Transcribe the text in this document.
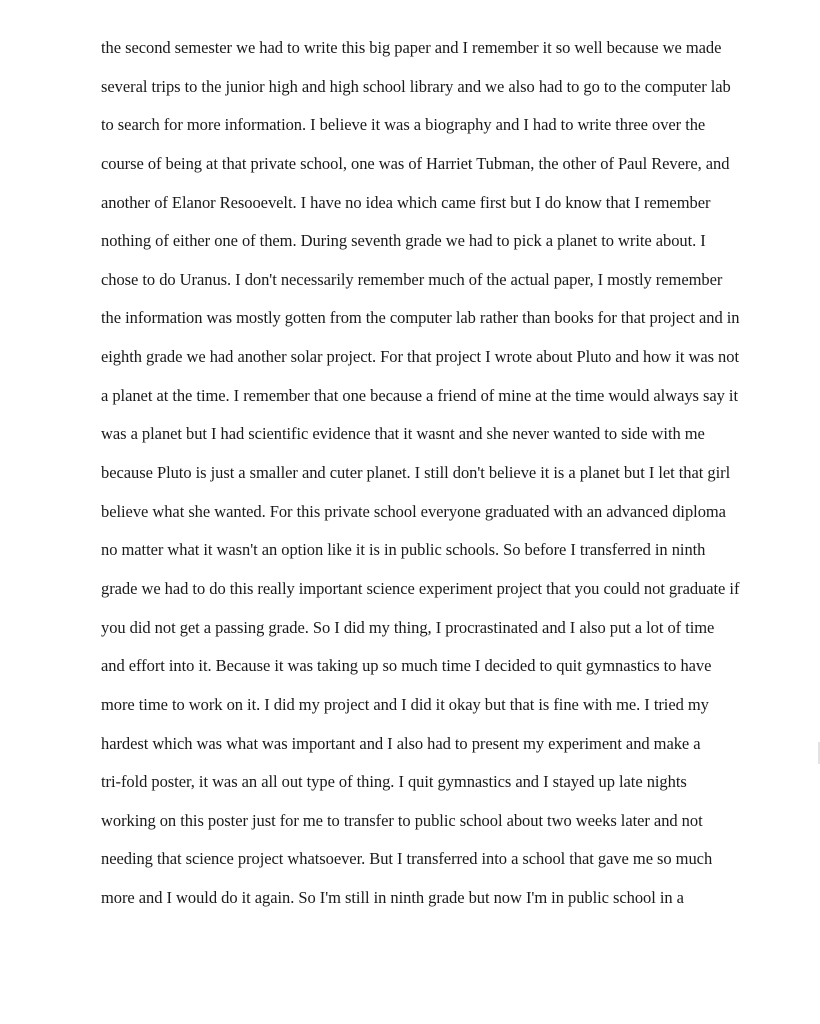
the second semester we had to write this big paper and I remember it so well because we made
several trips to the junior high and high school library and we also had to go to the computer lab
to search for more information. I believe it was a biography and I had to write three over the
course of being at that private school, one was of Harriet Tubman, the other of Paul Revere, and
another of Elanor Resooevelt. I have no idea which came first but I do know that I remember
nothing of either one of them. During seventh grade we had to pick a planet to write about. I
chose to do Uranus. I don't necessarily remember much of the actual paper, I mostly remember
the information was mostly gotten from the computer lab rather than books for that project and in
eighth grade we had another solar project. For that project I wrote about Pluto and how it was not
a planet at the time. I remember that one because a friend of mine at the time would always say it
was a planet but I had scientific evidence that it wasnt and she never wanted to side with me
because Pluto is just a smaller and cuter planet. I still don't believe it is a planet but I let that girl
believe what she wanted. For this private school everyone graduated with an advanced diploma
no matter what it wasn't an option like it is in public schools. So before I transferred in ninth
grade we had to do this really important science experiment project that you could not graduate if
you did not get a passing grade. So I did my thing, I procrastinated and I also put a lot of time
and effort into it. Because it was taking up so much time I decided to quit gymnastics to have
more time to work on it. I did my project and I did it okay but that is fine with me. I tried my
hardest which was what was important and I also had to present my experiment and make a
tri-fold poster, it was an all out type of thing. I quit gymnastics and I stayed up late nights
working on this poster just for me to transfer to public school about two weeks later and not
needing that science project whatsoever. But I transferred into a school that gave me so much
more and I would do it again. So I'm still in ninth grade but now I'm in public school in a
